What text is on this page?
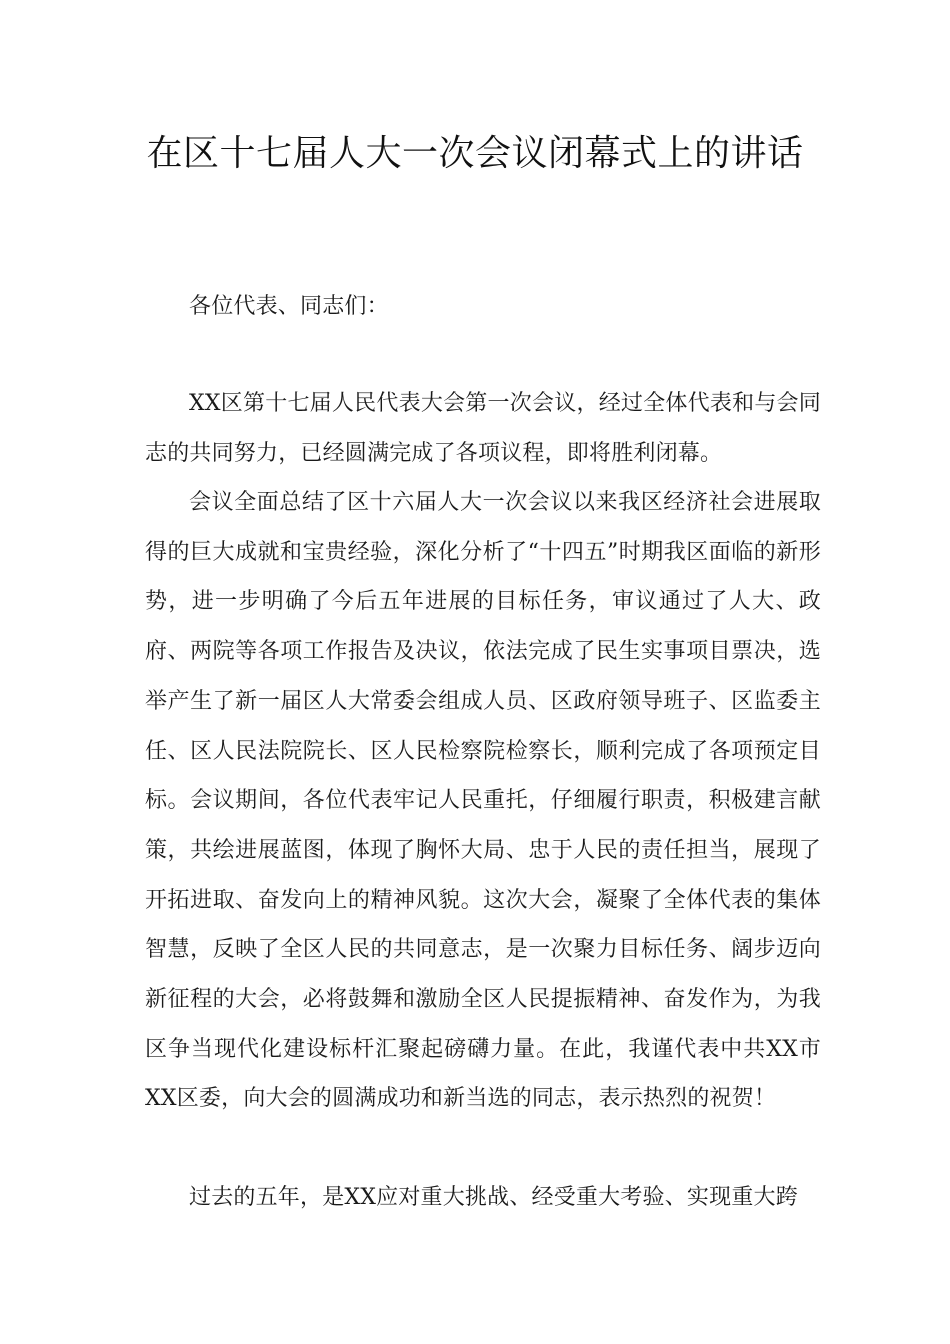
在区十七届人大一次会议闭幕式上的讲话

各位代表、同志们：

XX区第十七届人民代表大会第一次会议，经过全体代表和与会同志的共同努力，已经圆满完成了各项议程，即将胜利闭幕。

会议全面总结了区十六届人大一次会议以来我区经济社会进展取得的巨大成就和宝贵经验，深化分析了“十四五”时期我区面临的新形势，进一步明确了今后五年进展的目标任务，审议通过了人大、政府、两院等各项工作报告及决议，依法完成了民生实事项目票决，选举产生了新一届区人大常委会组成人员、区政府领导班子、区监委主任、区人民法院院长、区人民检察院检察长，顺利完成了各项预定目标。会议期间，各位代表牢记人民重托，仔细履行职责，积极建言献策，共绘进展蓝图，体现了胸怀大局、忠于人民的责任担当，展现了开拓进取、奋发向上的精神风貌。这次大会，凝聚了全体代表的集体智慧，反映了全区人民的共同意志，是一次聚力目标任务、阔步迈向新征程的大会，必将鼓舞和激励全区人民提振精神、奋发作为，为我区争当现代化建设标杆汇聚起磅礴力量。在此，我谨代表中共XX市XX区委，向大会的圆满成功和新当选的同志，表示热烈的祝贺！

过去的五年，是XX应对重大挑战、经受重大考验、实现重大跨
